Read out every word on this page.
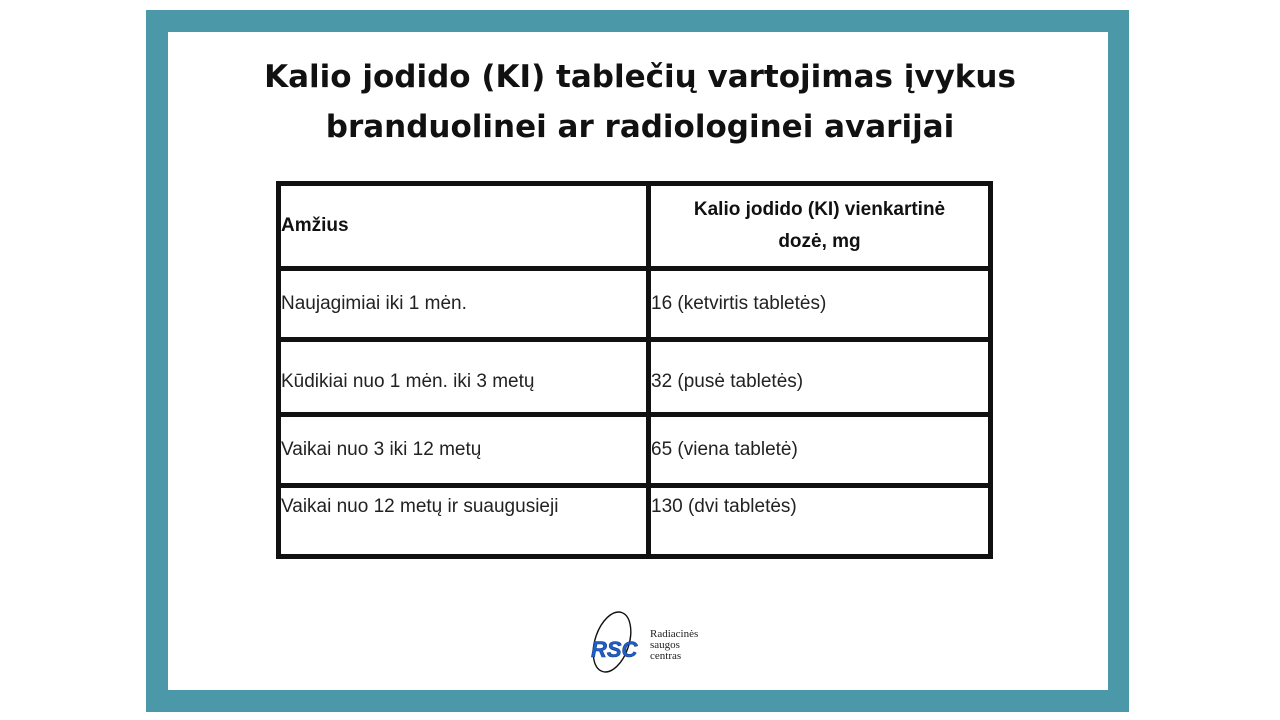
Kalio jodido (KI) tablečių vartojimas įvykus
branduolinei ar radiologinei avarijai
Amžius	Kalio jodido (KI) vienkartinė
dozė, mg
Naujagimiai iki 1 mėn.	16 (ketvirtis tabletės)
Kūdikiai nuo 1 mėn. iki 3 metų	32 (pusė tabletės)
Vaikai nuo 3 iki 12 metų	65 (viena tabletė)
Vaikai nuo 12 metų ir suaugusieji	130 (dvi tabletės)
RSC
Radiacinės
saugos
centras
